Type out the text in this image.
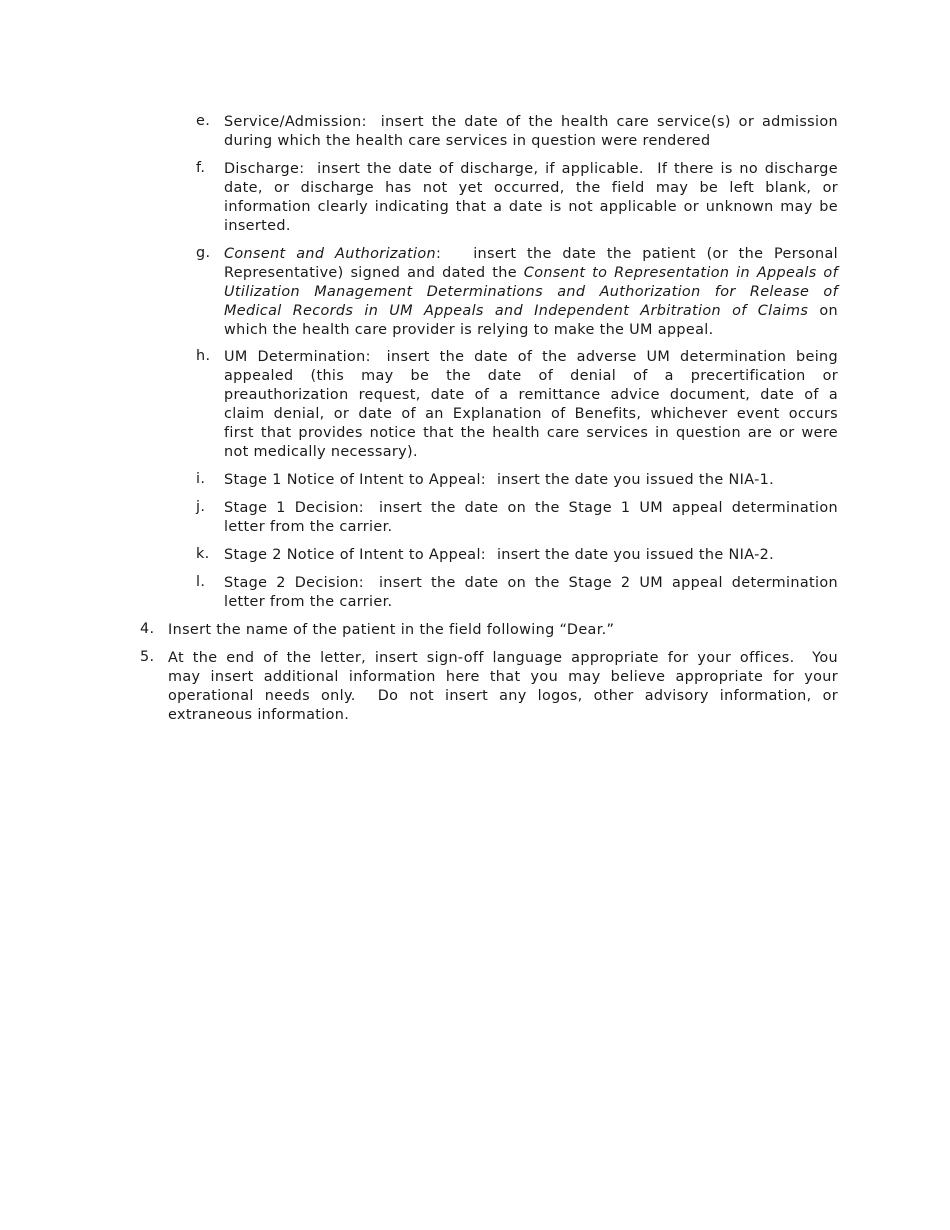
e. Service/Admission: insert the date of the health care service(s) or admission
during which the health care services in question were rendered
f. Discharge: insert the date of discharge, if applicable.  If there is no discharge
date, or discharge has not yet occurred, the field may be left blank, or
information clearly indicating that a date is not applicable or unknown may be
inserted.
g. Consent and Authorization:   insert the date the patient (or the Personal
Representative) signed and dated the Consent to Representation in Appeals of
Utilization Management Determinations and Authorization for Release of
Medical Records in UM Appeals and Independent Arbitration of Claims on
which the health care provider is relying to make the UM appeal.
h. UM Determination: insert the date of the adverse UM determination being
appealed (this may be the date of denial of a precertification or
preauthorization request, date of a remittance advice document, date of a
claim denial, or date of an Explanation of Benefits, whichever event occurs
first that provides notice that the health care services in question are or were
not medically necessary).
i. Stage 1 Notice of Intent to Appeal: insert the date you issued the NIA-1.
j. Stage 1 Decision: insert the date on the Stage 1 UM appeal determination
letter from the carrier.
k. Stage 2 Notice of Intent to Appeal: insert the date you issued the NIA-2.
l. Stage 2 Decision: insert the date on the Stage 2 UM appeal determination
letter from the carrier.
4. Insert the name of the patient in the field following “Dear.”
5. At the end of the letter, insert sign-off language appropriate for your offices.  You
may insert additional information here that you may believe appropriate for your
operational needs only.  Do not insert any logos, other advisory information, or
extraneous information.
